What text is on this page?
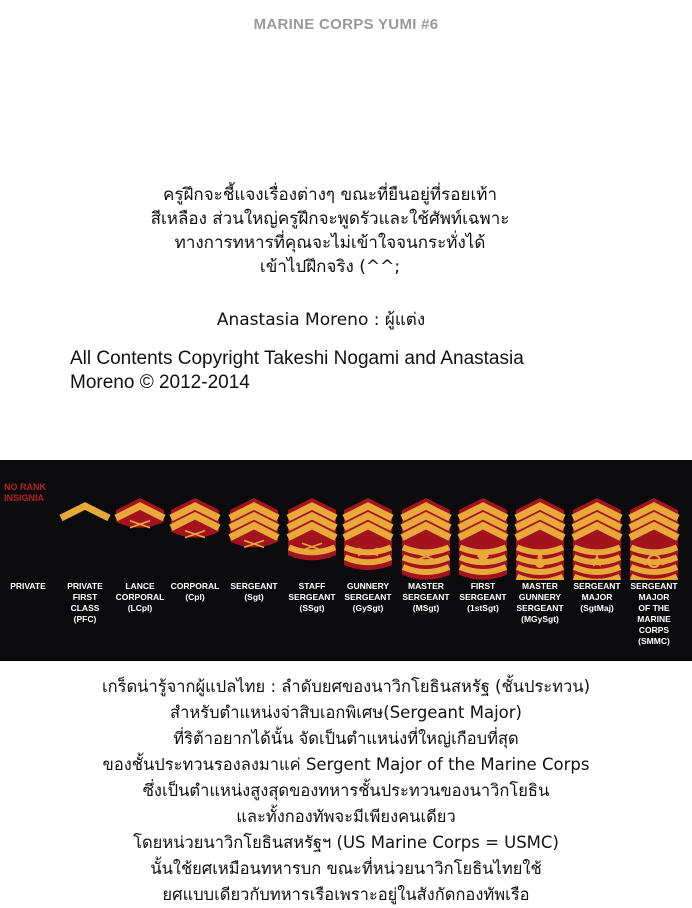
MARINE CORPS YUMI #6
ครูฝึกจะชี้แจงเรื่องต่างๆ ขณะที่ยืนอยู่ที่รอยเท้า
สีเหลือง ส่วนใหญ่ครูฝึกจะพูดรัวและใช้ศัพท์เฉพาะ
ทางการทหารที่คุณจะไม่เข้าใจจนกระทั่งได้
เข้าไปฝึกจริง (^^;
Anastasia Moreno : ผู้แต่ง
All Contents Copyright Takeshi Nogami and Anastasia
Moreno © 2012-2014
NO RANK
INSIGNIA
PRIVATE	PRIVATE
FIRST
CLASS
(PFC)
LANCE
CORPORAL
(LCpl)
CORPORAL
(Cpl)
SERGEANT
(Sgt)
STAFF
SERGEANT
(SSgt)
GUNNERY
SERGEANT
(GySgt)
MASTER
SERGEANT
(MSgt)
FIRST
SERGEANT
(1stSgt)
MASTER
GUNNERY
SERGEANT
(MGySgt)
SERGEANT
MAJOR
(SgtMaj)
SERGEANT
MAJOR
OF THE
MARINE
CORPS
(SMMC)
เกร็ดน่ารู้จากผู้แปลไทย : ลำดับยศของนาวิกโยธินสหรัฐ (ชั้นประทวน)
สำหรับตำแหน่งจ่าสิบเอกพิเศษ(Sergeant Major)
ที่ริต้าอยากได้นั้น จัดเป็นตำแหน่งที่ใหญ่เกือบที่สุด
ของชั้นประทวนรองลงมาแค่ Sergent Major of the Marine Corps
ซึ่งเป็นตำแหน่งสูงสุดของทหารชั้นประทวนของนาวิกโยธิน
และทั้งกองทัพจะมีเพียงคนเดียว
โดยหน่วยนาวิกโยธินสหรัฐฯ (US Marine Corps = USMC)
นั้นใช้ยศเหมือนทหารบก ขณะที่หน่วยนาวิกโยธินไทยใช้
ยศแบบเดียวกับทหารเรือเพราะอยู่ในสังกัดกองทัพเรือ
